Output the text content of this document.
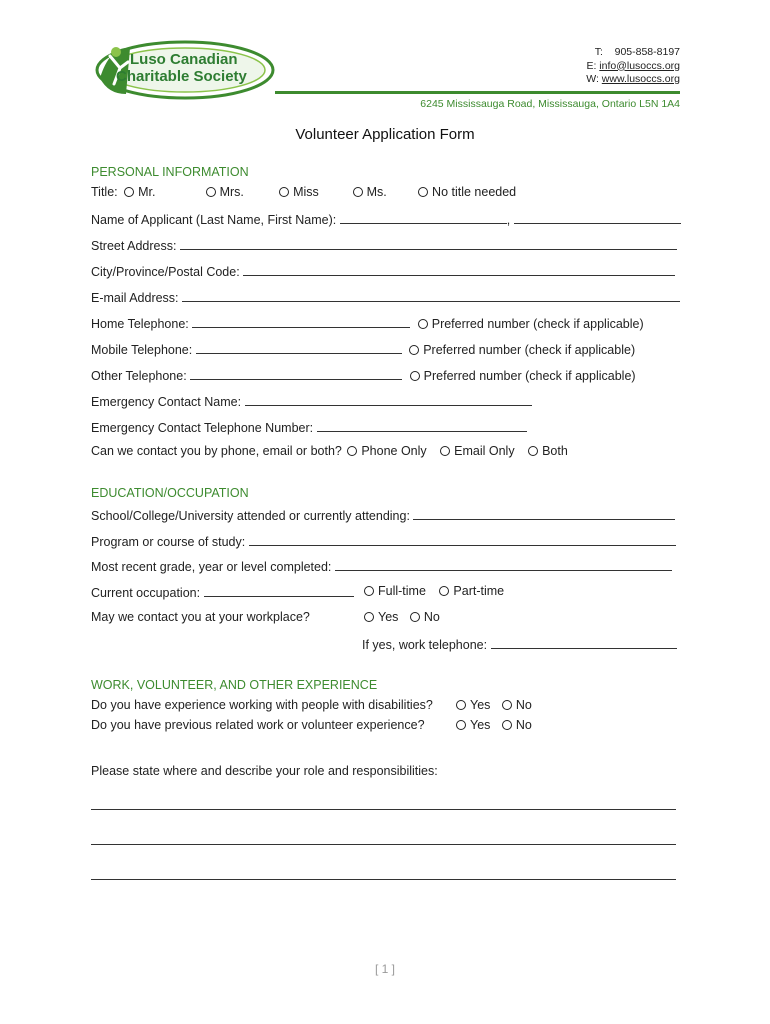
Luso Canadian
Charitable Society
T: 905-858-8197
E: info@lusoccs.org
W: www.lusoccs.org
6245 Mississauga Road, Mississauga, Ontario L5N 1A4
Volunteer Application Form
PERSONAL INFORMATION
Title: Mr.	Mrs.	Miss	Ms.	No title needed
Name of Applicant (Last Name, First Name):	,
Street Address:
City/Province/Postal Code:
E-mail Address:
Home Telephone:	Preferred number (check if applicable)
Mobile Telephone:	Preferred number (check if applicable)
Other Telephone:	Preferred number (check if applicable)
Emergency Contact Name:
Emergency Contact Telephone Number:
Can we contact you by phone, email or both? Phone Only Email Only Both
EDUCATION/OCCUPATION
School/College/University attended or currently attending:
Program or course of study:
Most recent grade, year or level completed:
Current occupation:	Full-time Part-time
May we contact you at your workplace?	Yes No
If yes, work telephone:
WORK, VOLUNTEER, AND OTHER EXPERIENCE
Do you have experience working with people with disabilities?	Yes No
Do you have previous related work or volunteer experience?	Yes No
Please state where and describe your role and responsibilities:
[ 1 ]
